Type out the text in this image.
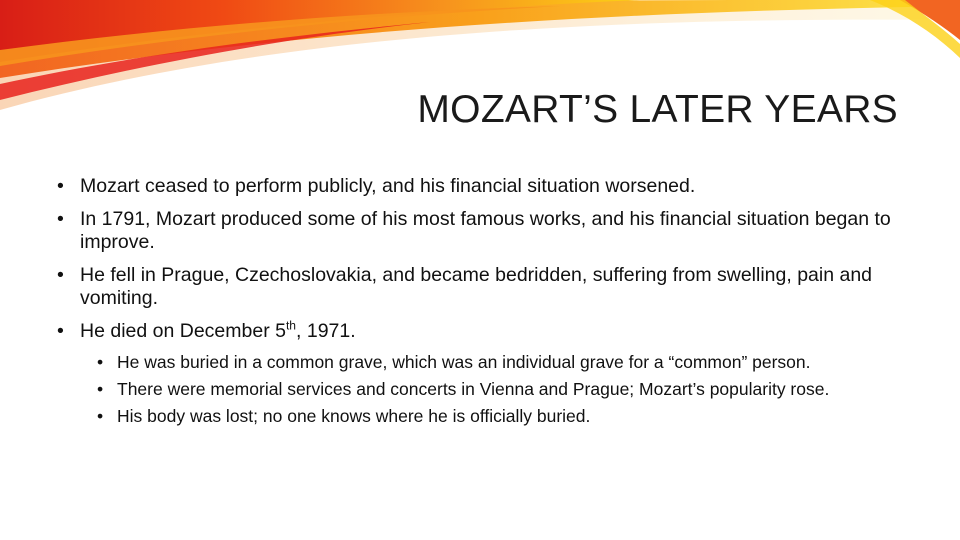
MOZART’S LATER YEARS
• Mozart ceased to perform publicly, and his financial situation worsened.
• In 1791, Mozart produced some of his most famous works, and his financial situation began to improve.
• He fell in Prague, Czechoslovakia, and became bedridden, suffering from swelling, pain and vomiting.
• He died on December 5th, 1971.
• He was buried in a common grave, which was an individual grave for a “common” person.
• There were memorial services and concerts in Vienna and Prague; Mozart’s popularity rose.
• His body was lost; no one knows where he is officially buried.
